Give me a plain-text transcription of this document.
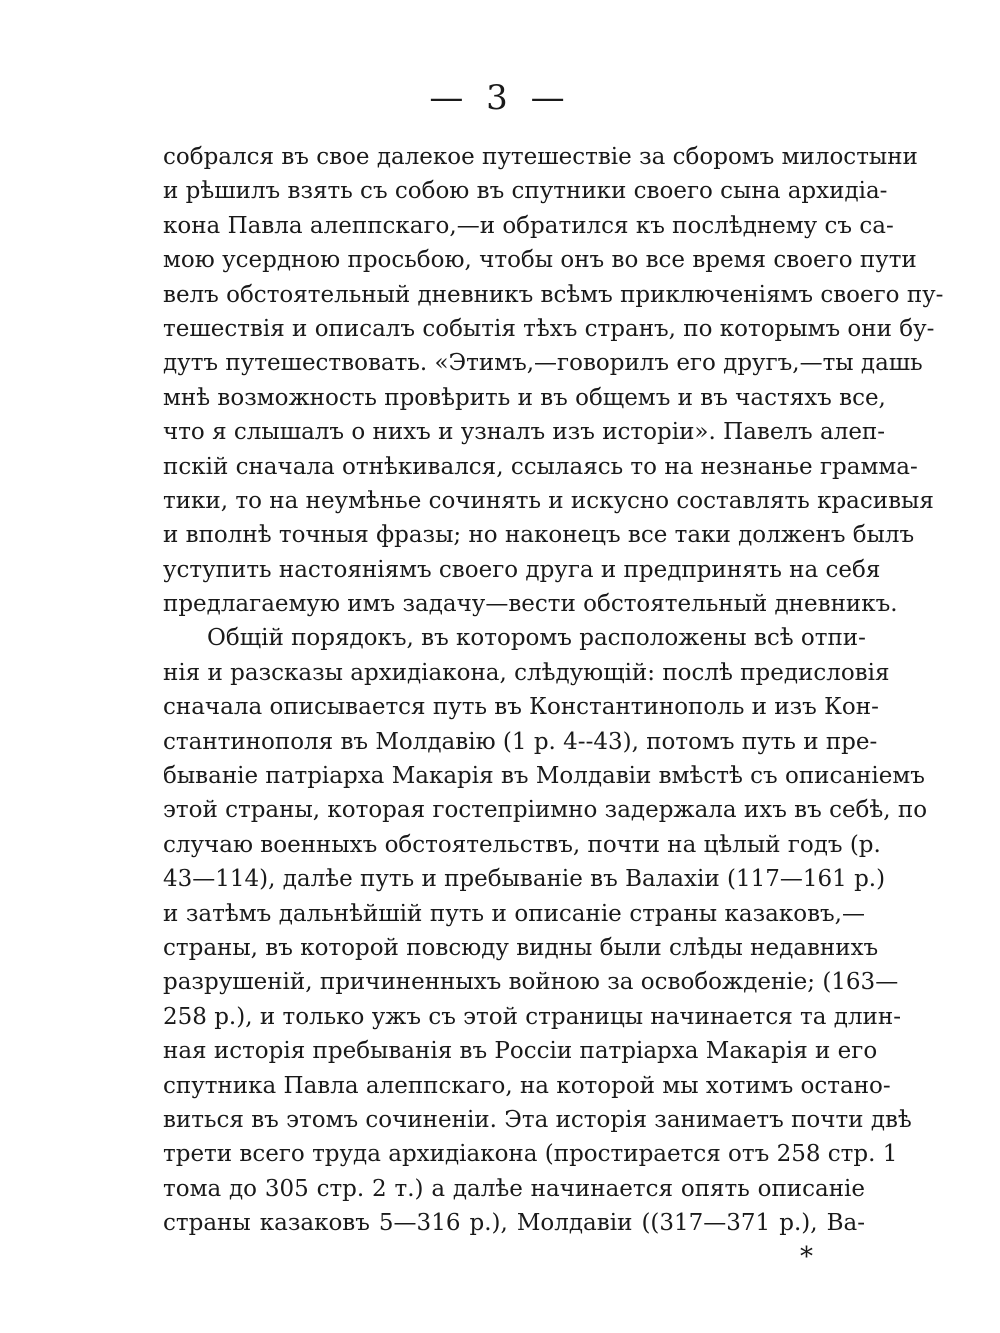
— 3 —
собрался въ свое далекое путешествіе за сборомъ милостыни
и рѣшилъ взять съ собою въ спутники своего сына архидіа-
кона Павла алеппскаго,—и обратился къ послѣднему съ са-
мою усердною просьбою, чтобы онъ во все время своего пути
велъ обстоятельный дневникъ всѣмъ приключеніямъ своего пу-
тешествія и описалъ событія тѣхъ странъ, по которымъ они бу-
дутъ путешествовать. «Этимъ,—говорилъ его другъ,—ты дашь
мнѣ возможность провѣрить и въ общемъ и въ частяхъ все,
что я слышалъ о нихъ и узналъ изъ исторіи». Павелъ алеп-
пскій сначала отнѣкивался, ссылаясь то на незнанье грамма-
тики, то на неумѣнье сочинять и искусно составлять красивыя
и вполнѣ точныя фразы; но наконецъ все таки долженъ былъ
уступить настояніямъ своего друга и предпринять на себя
предлагаемую имъ задачу—вести обстоятельный дневникъ.
Общій порядокъ, въ которомъ расположены всѣ отпи-
нія и разсказы архидіакона, слѣдующій: послѣ предисловія
сначала описывается путь въ Константинополь и изъ Кон-
стантинополя въ Молдавію (1 р. 4--43), потомъ путь и пре-
бываніе патріарха Макарія въ Молдавіи вмѣстѣ съ описаніемъ
этой страны, которая гостепріимно задержала ихъ въ себѣ, по
случаю военныхъ обстоятельствъ, почти на цѣлый годъ (р.
43—114), далѣе путь и пребываніе въ Валахіи (117—161 р.)
и затѣмъ дальнѣйшій путь и описаніе страны казаковъ,—
страны, въ которой повсюду видны были слѣды недавнихъ
разрушеній, причиненныхъ войною за освобожденіе; (163—
258 р.), и только ужъ съ этой страницы начинается та длин-
ная исторія пребыванія въ Россіи патріарха Макарія и его
спутника Павла алеппскаго, на которой мы хотимъ остано-
виться въ этомъ сочиненіи. Эта исторія занимаетъ почти двѣ
трети всего труда архидіакона (простирается отъ 258 стр. 1
тома до 305 стр. 2 т.) а далѣе начинается опять описаніе
страны казаковъ 5—316 р.), Молдавіи ((317—371 р.), Ва-
*
